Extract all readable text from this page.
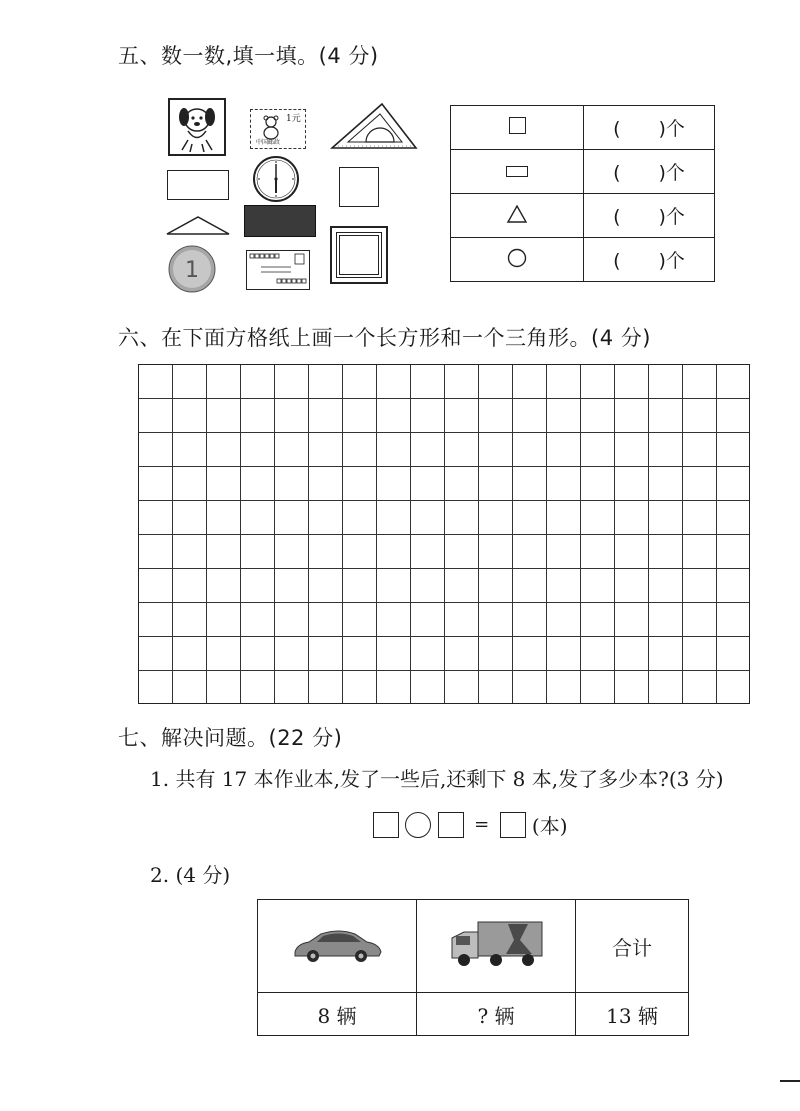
五、数一数,填一填。(4 分)
1元
中国邮政
1
	(　　)个
	(　　)个
	(　　)个
	(　　)个
六、在下面方格纸上画一个长方形和一个三角形。(4 分)
七、解决问题。(22 分)
1. 共有 17 本作业本,发了一些后,还剩下 8 本,发了多少本?(3 分)
= (本)
2. (4 分)
		合计
8 辆	? 辆	13 辆
